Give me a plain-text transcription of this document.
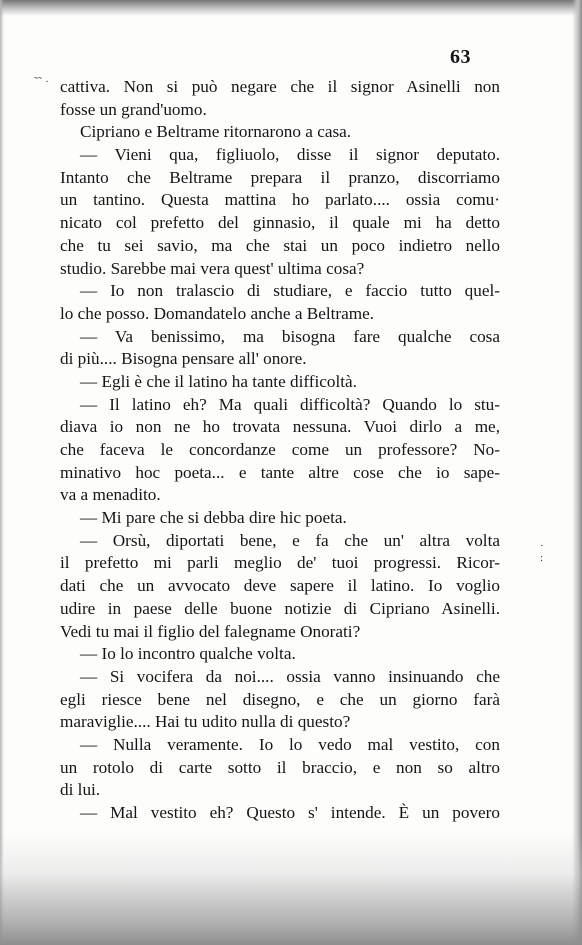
˜˜ ·
·
:
63
cattiva. Non si può negare che il signor Asinelli non
fosse un grand'uomo.
Cipriano e Beltrame ritornarono a casa.
— Vieni qua, figliuolo, disse il signor deputato.
Intanto che Beltrame prepara il pranzo, discorriamo
un tantino. Questa mattina ho parlato.... ossia comu·
nicato col prefetto del ginnasio, il quale mi ha detto
che tu sei savio, ma che stai un poco indietro nello
studio. Sarebbe mai vera quest' ultima cosa?
— Io non tralascio di studiare, e faccio tutto quel-
lo che posso. Domandatelo anche a Beltrame.
— Va benissimo, ma bisogna fare qualche cosa
di più.... Bisogna pensare all' onore.
— Egli è che il latino ha tante difficoltà.
— Il latino eh? Ma quali difficoltà? Quando lo stu-
diava io non ne ho trovata nessuna. Vuoi dirlo a me,
che faceva le concordanze come un professore? No-
minativo hoc poeta... e tante altre cose che io sape-
va a menadito.
— Mi pare che si debba dire hic poeta.
— Orsù, diportati bene, e fa che un' altra volta
il prefetto mi parli meglio de' tuoi progressi. Ricor-
dati che un avvocato deve sapere il latino. Io voglio
udire in paese delle buone notizie di Cipriano Asinelli.
Vedi tu mai il figlio del falegname Onorati?
— Io lo incontro qualche volta.
— Si vocifera da noi.... ossia vanno insinuando che
egli riesce bene nel disegno, e che un giorno farà
maraviglie.... Hai tu udito nulla di questo?
— Nulla veramente. Io lo vedo mal vestito, con
un rotolo di carte sotto il braccio, e non so altro
di lui.
— Mal vestito eh? Questo s' intende. È un povero
